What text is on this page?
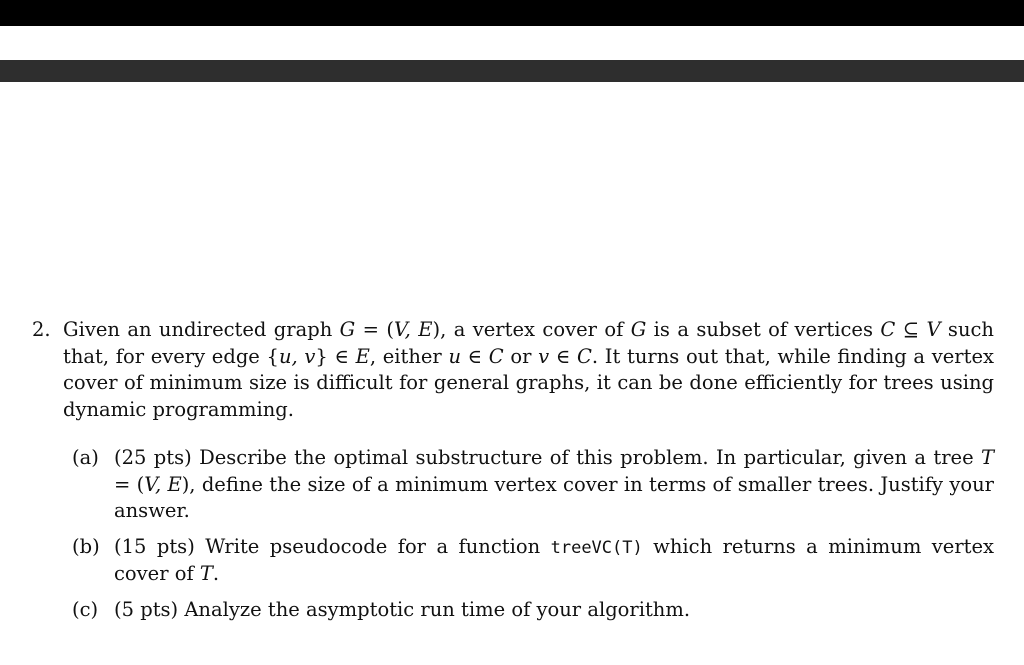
2. Given an undirected graph G = (V, E), a vertex cover of G is a subset of vertices C ⊆ V such that, for every edge {u, v} ∈ E, either u ∈ C or v ∈ C. It turns out that, while finding a vertex cover of minimum size is difficult for general graphs, it can be done efficiently for trees using dynamic programming.
(a) (25 pts) Describe the optimal substructure of this problem. In particular, given a tree T = (V, E), define the size of a minimum vertex cover in terms of smaller trees. Justify your answer.
(b) (15 pts) Write pseudocode for a function treeVC(T) which returns a minimum vertex cover of T.
(c) (5 pts) Analyze the asymptotic run time of your algorithm.
